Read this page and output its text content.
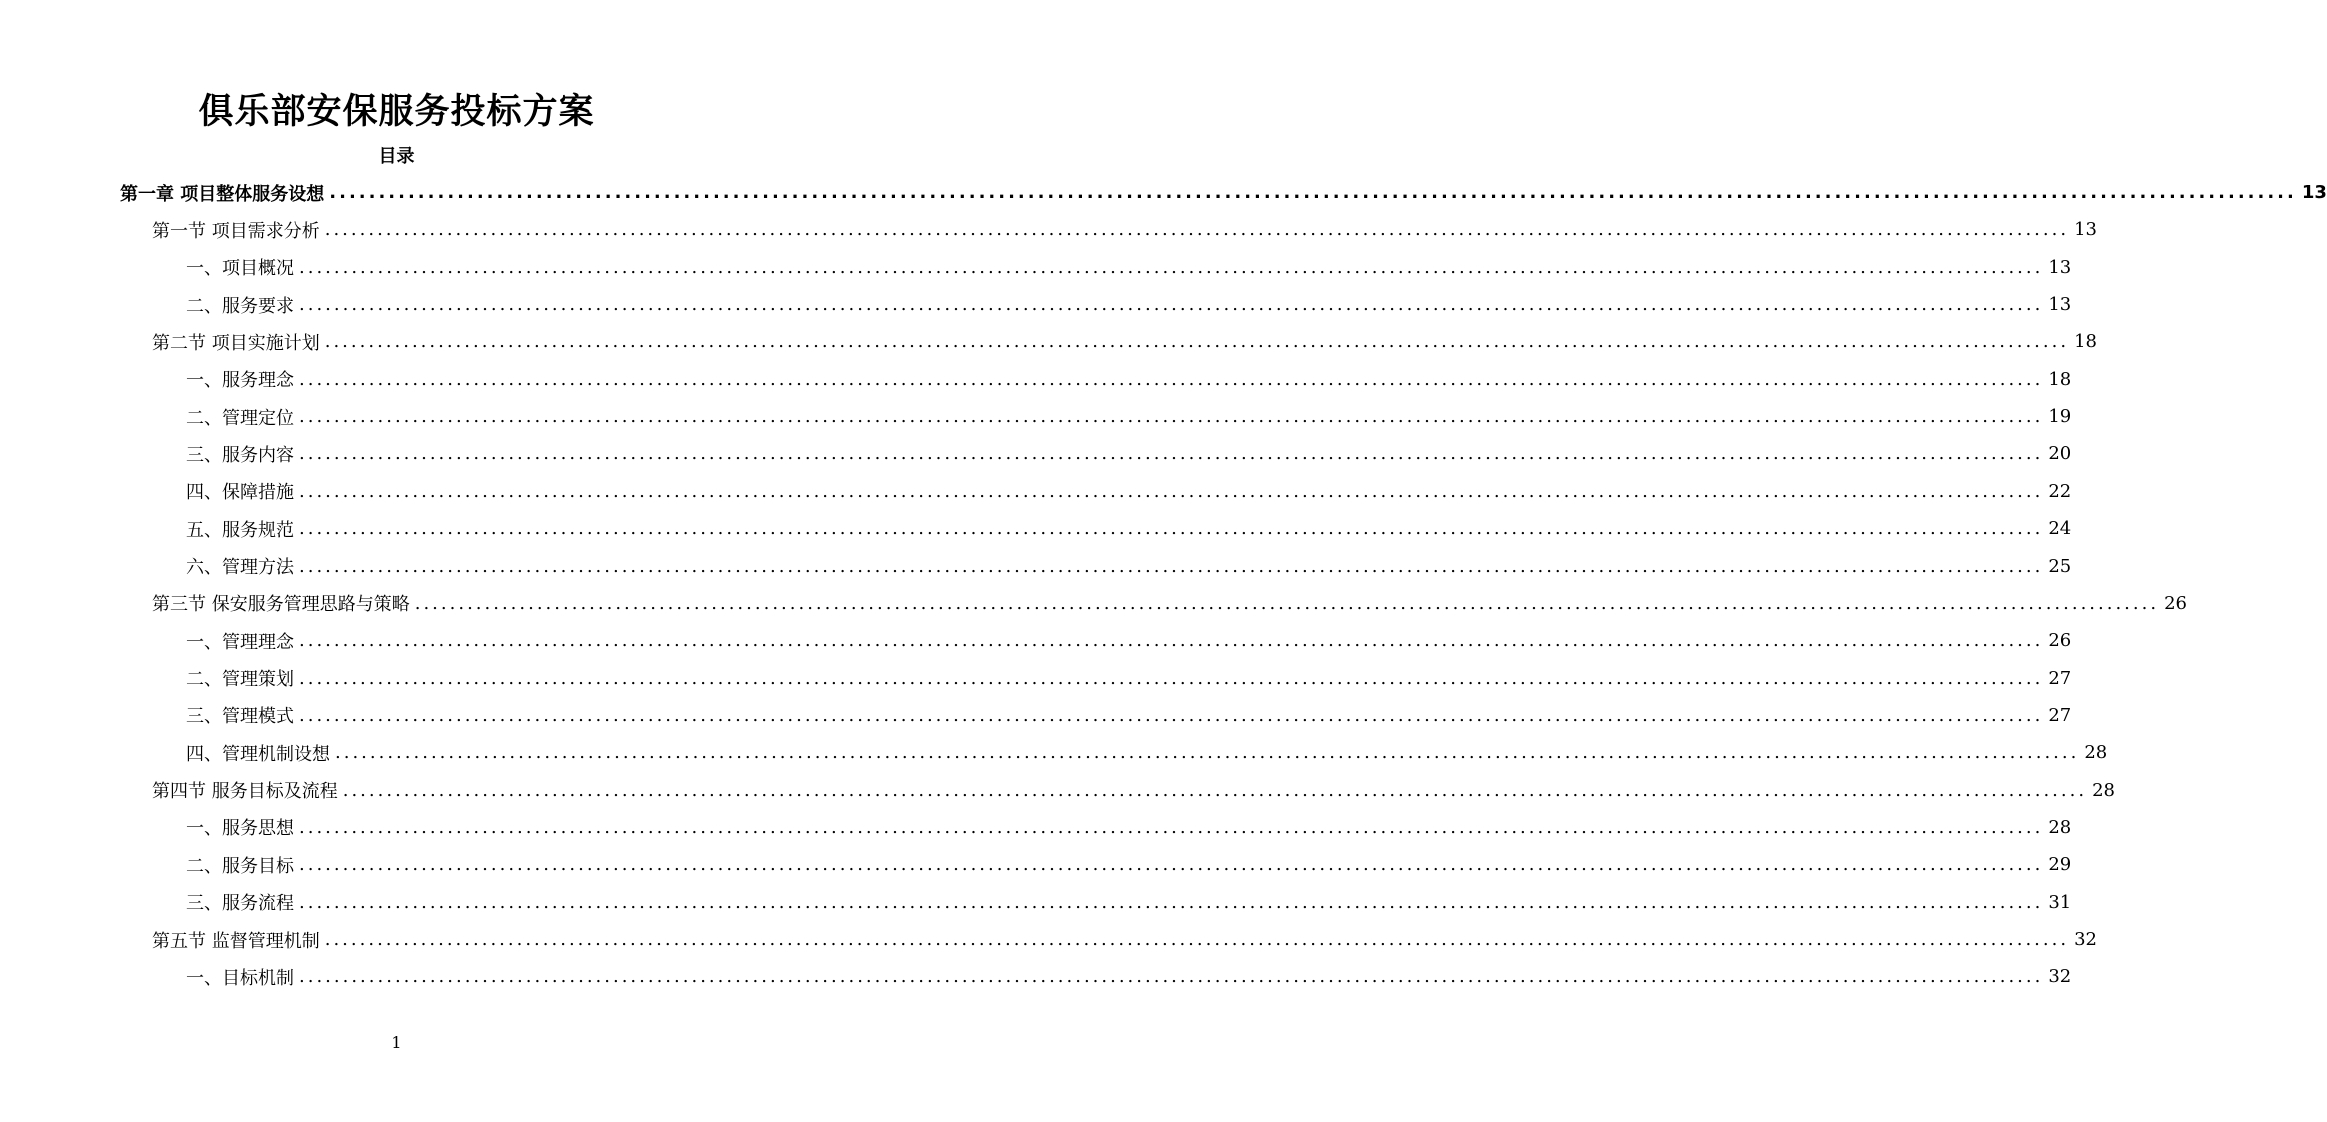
俱乐部安保服务投标方案
目录
第一章 项目整体服务设想 ........................................................................................................................................................................................................ 13
第一节 项目需求分析 ........................................................................................................................................................................................................ 13
一、项目概况 ........................................................................................................................................................................................................ 13
二、服务要求 ........................................................................................................................................................................................................ 13
第二节 项目实施计划 ........................................................................................................................................................................................................ 18
一、服务理念 ........................................................................................................................................................................................................ 18
二、管理定位 ........................................................................................................................................................................................................ 19
三、服务内容 ........................................................................................................................................................................................................ 20
四、保障措施 ........................................................................................................................................................................................................ 22
五、服务规范 ........................................................................................................................................................................................................ 24
六、管理方法 ........................................................................................................................................................................................................ 25
第三节 保安服务管理思路与策略 ........................................................................................................................................................................................................ 26
一、管理理念 ........................................................................................................................................................................................................ 26
二、管理策划 ........................................................................................................................................................................................................ 27
三、管理模式 ........................................................................................................................................................................................................ 27
四、管理机制设想 ........................................................................................................................................................................................................ 28
第四节 服务目标及流程 ........................................................................................................................................................................................................ 28
一、服务思想 ........................................................................................................................................................................................................ 28
二、服务目标 ........................................................................................................................................................................................................ 29
三、服务流程 ........................................................................................................................................................................................................ 31
第五节 监督管理机制 ........................................................................................................................................................................................................ 32
一、目标机制 ........................................................................................................................................................................................................ 32
1
